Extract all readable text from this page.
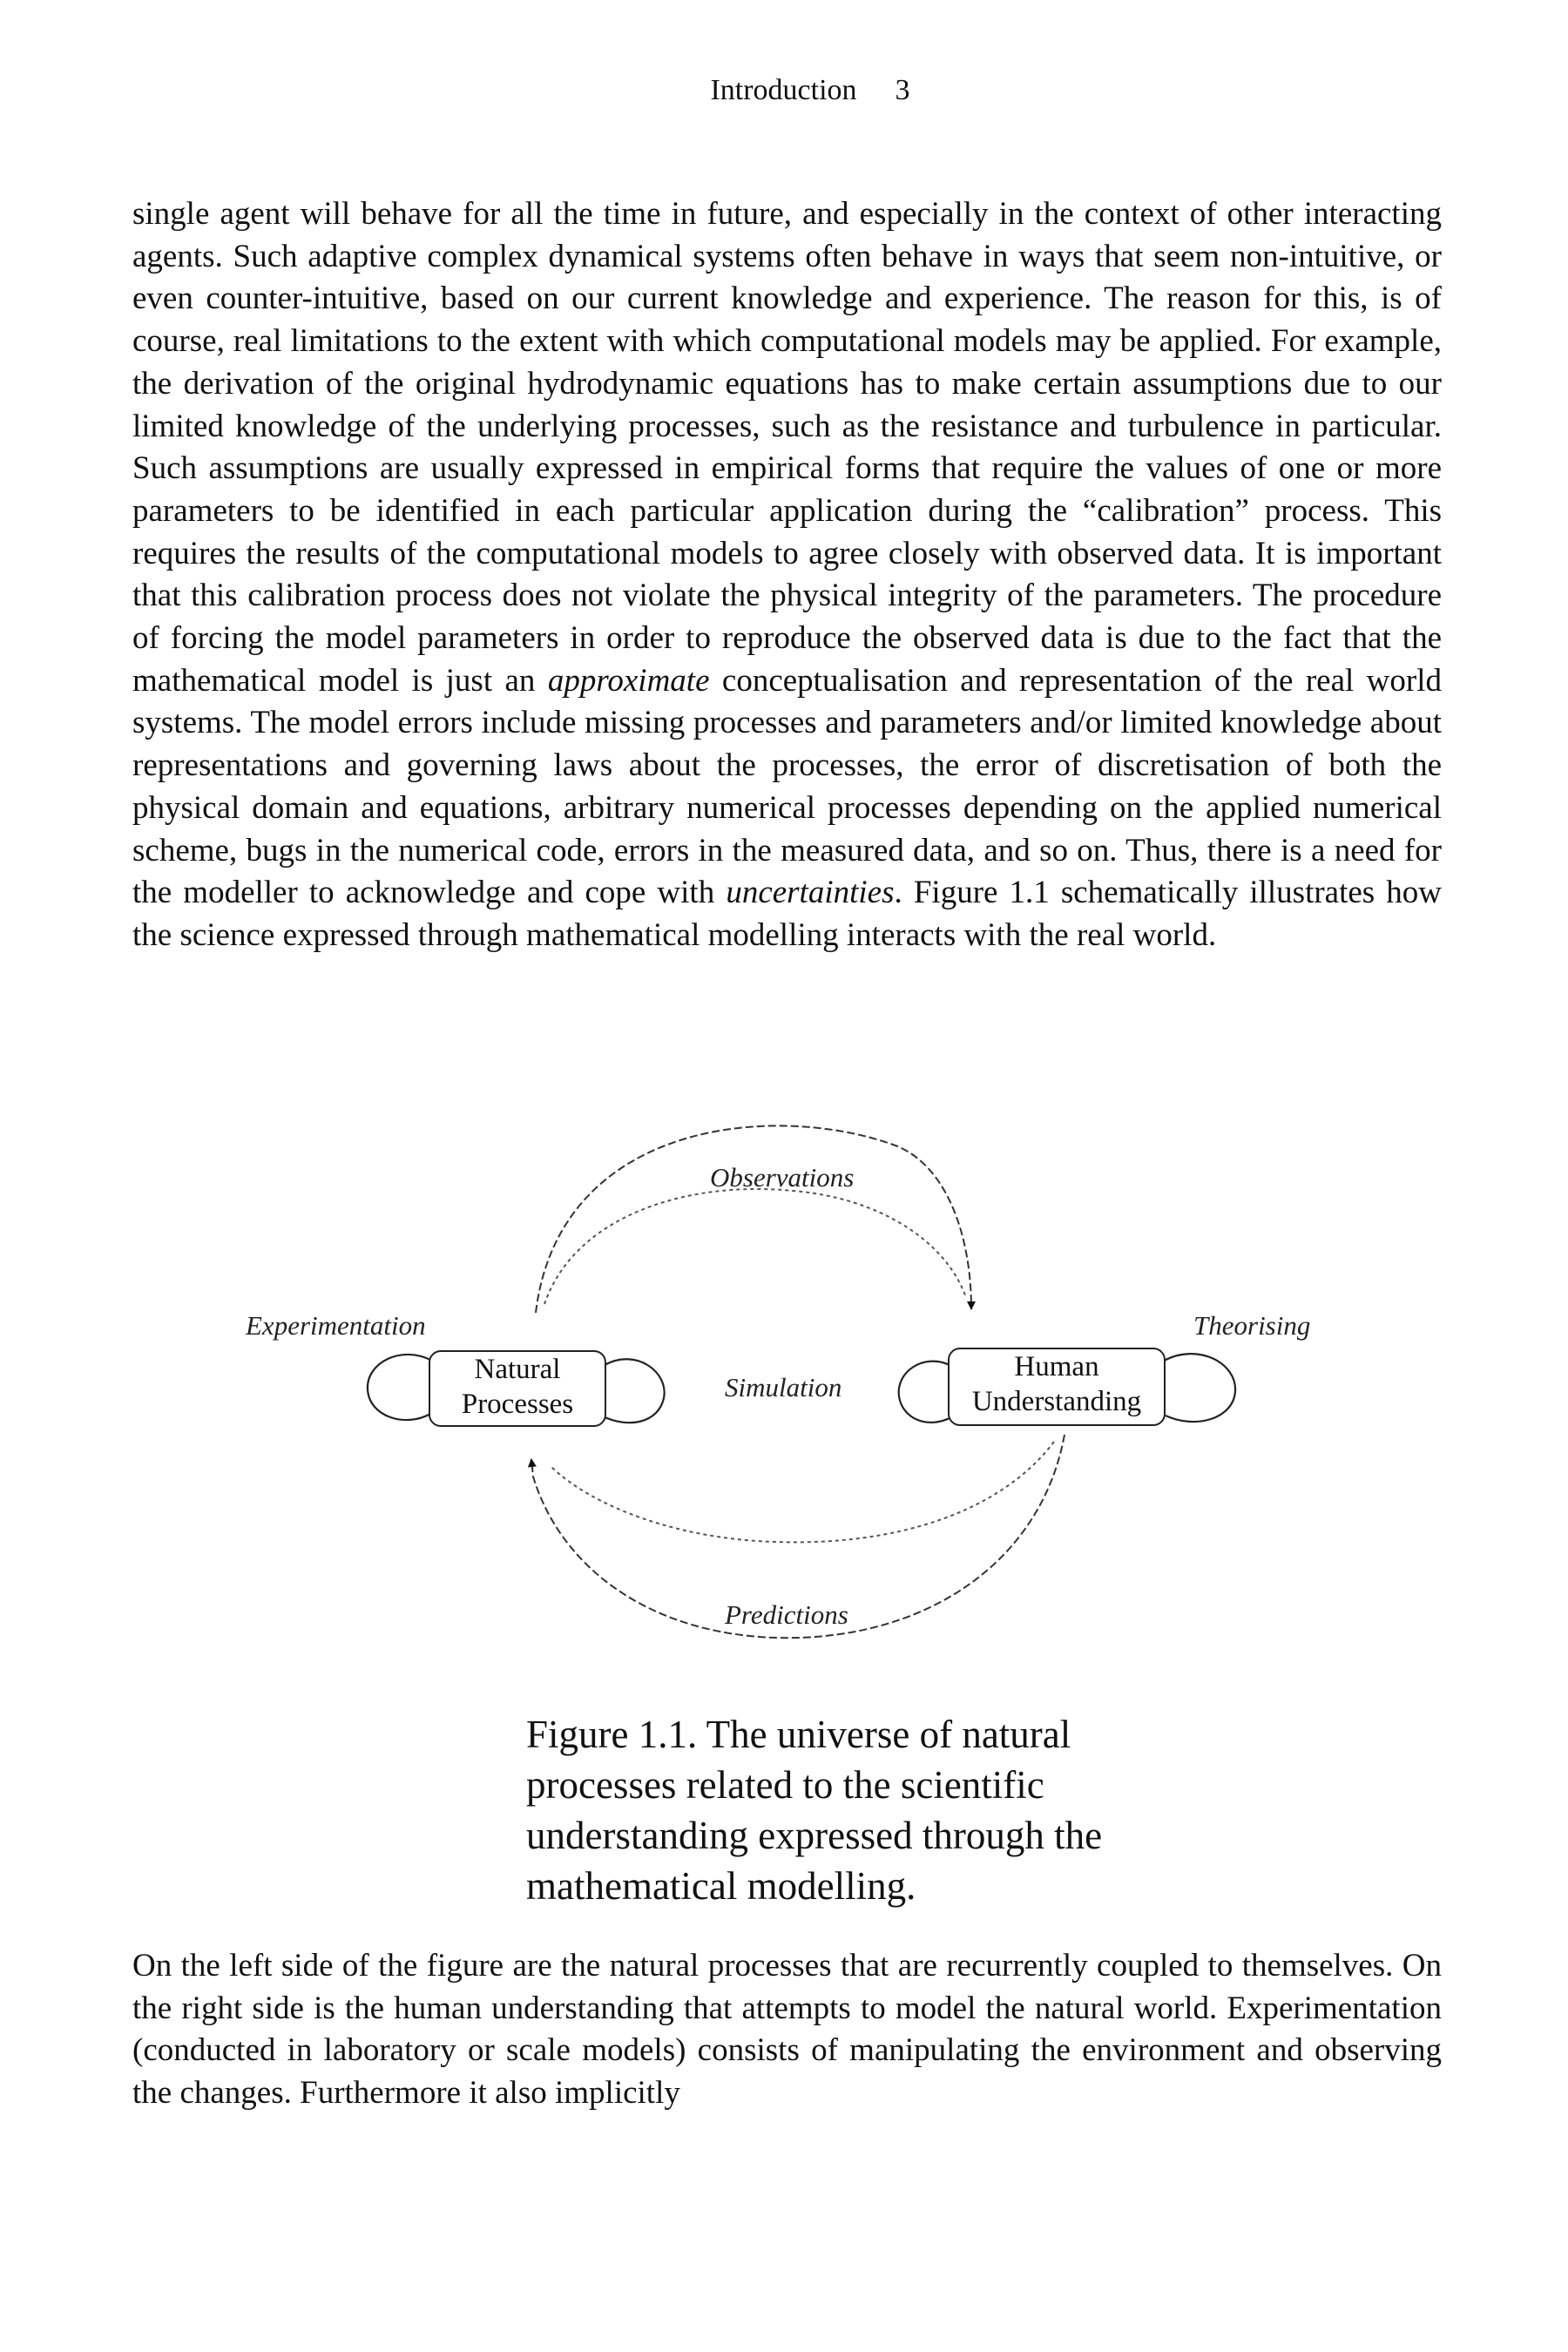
Introduction 3

single agent will behave for all the time in future, and especially in the context of other interacting agents. Such adaptive complex dynamical systems often behave in ways that seem non-intuitive, or even counter-intuitive, based on our current knowledge and experience. The reason for this, is of course, real limitations to the extent with which computational models may be applied. For example, the derivation of the original hydrodynamic equations has to make certain assumptions due to our limited knowledge of the underlying processes, such as the resistance and turbulence in particular. Such assumptions are usually expressed in empirical forms that require the values of one or more parameters to be identified in each particular application during the “calibration” process. This requires the results of the computational models to agree closely with observed data. It is important that this calibration process does not violate the physical integrity of the parameters. The procedure of forcing the model parameters in order to reproduce the observed data is due to the fact that the mathematical model is just an approximate conceptualisation and representation of the real world systems. The model errors include missing processes and parameters and/or limited knowledge about representations and governing laws about the processes, the error of discretisation of both the physical domain and equations, arbitrary numerical processes depending on the applied numerical scheme, bugs in the numerical code, errors in the measured data, and so on. Thus, there is a need for the modeller to acknowledge and cope with uncertainties. Figure 1.1 schematically illustrates how the science expressed through mathematical modelling interacts with the real world.

Observations
Experimentation	Theorising
Simulation
Predictions
Natural
Processes
Human
Understanding

Figure 1.1. The universe of natural processes related to the scientific understanding expressed through the mathematical modelling.

On the left side of the figure are the natural processes that are recurrently coupled to themselves. On the right side is the human understanding that attempts to model the natural world. Experimentation (conducted in laboratory or scale models) consists of manipulating the environment and observing the changes. Furthermore it also implicitly
